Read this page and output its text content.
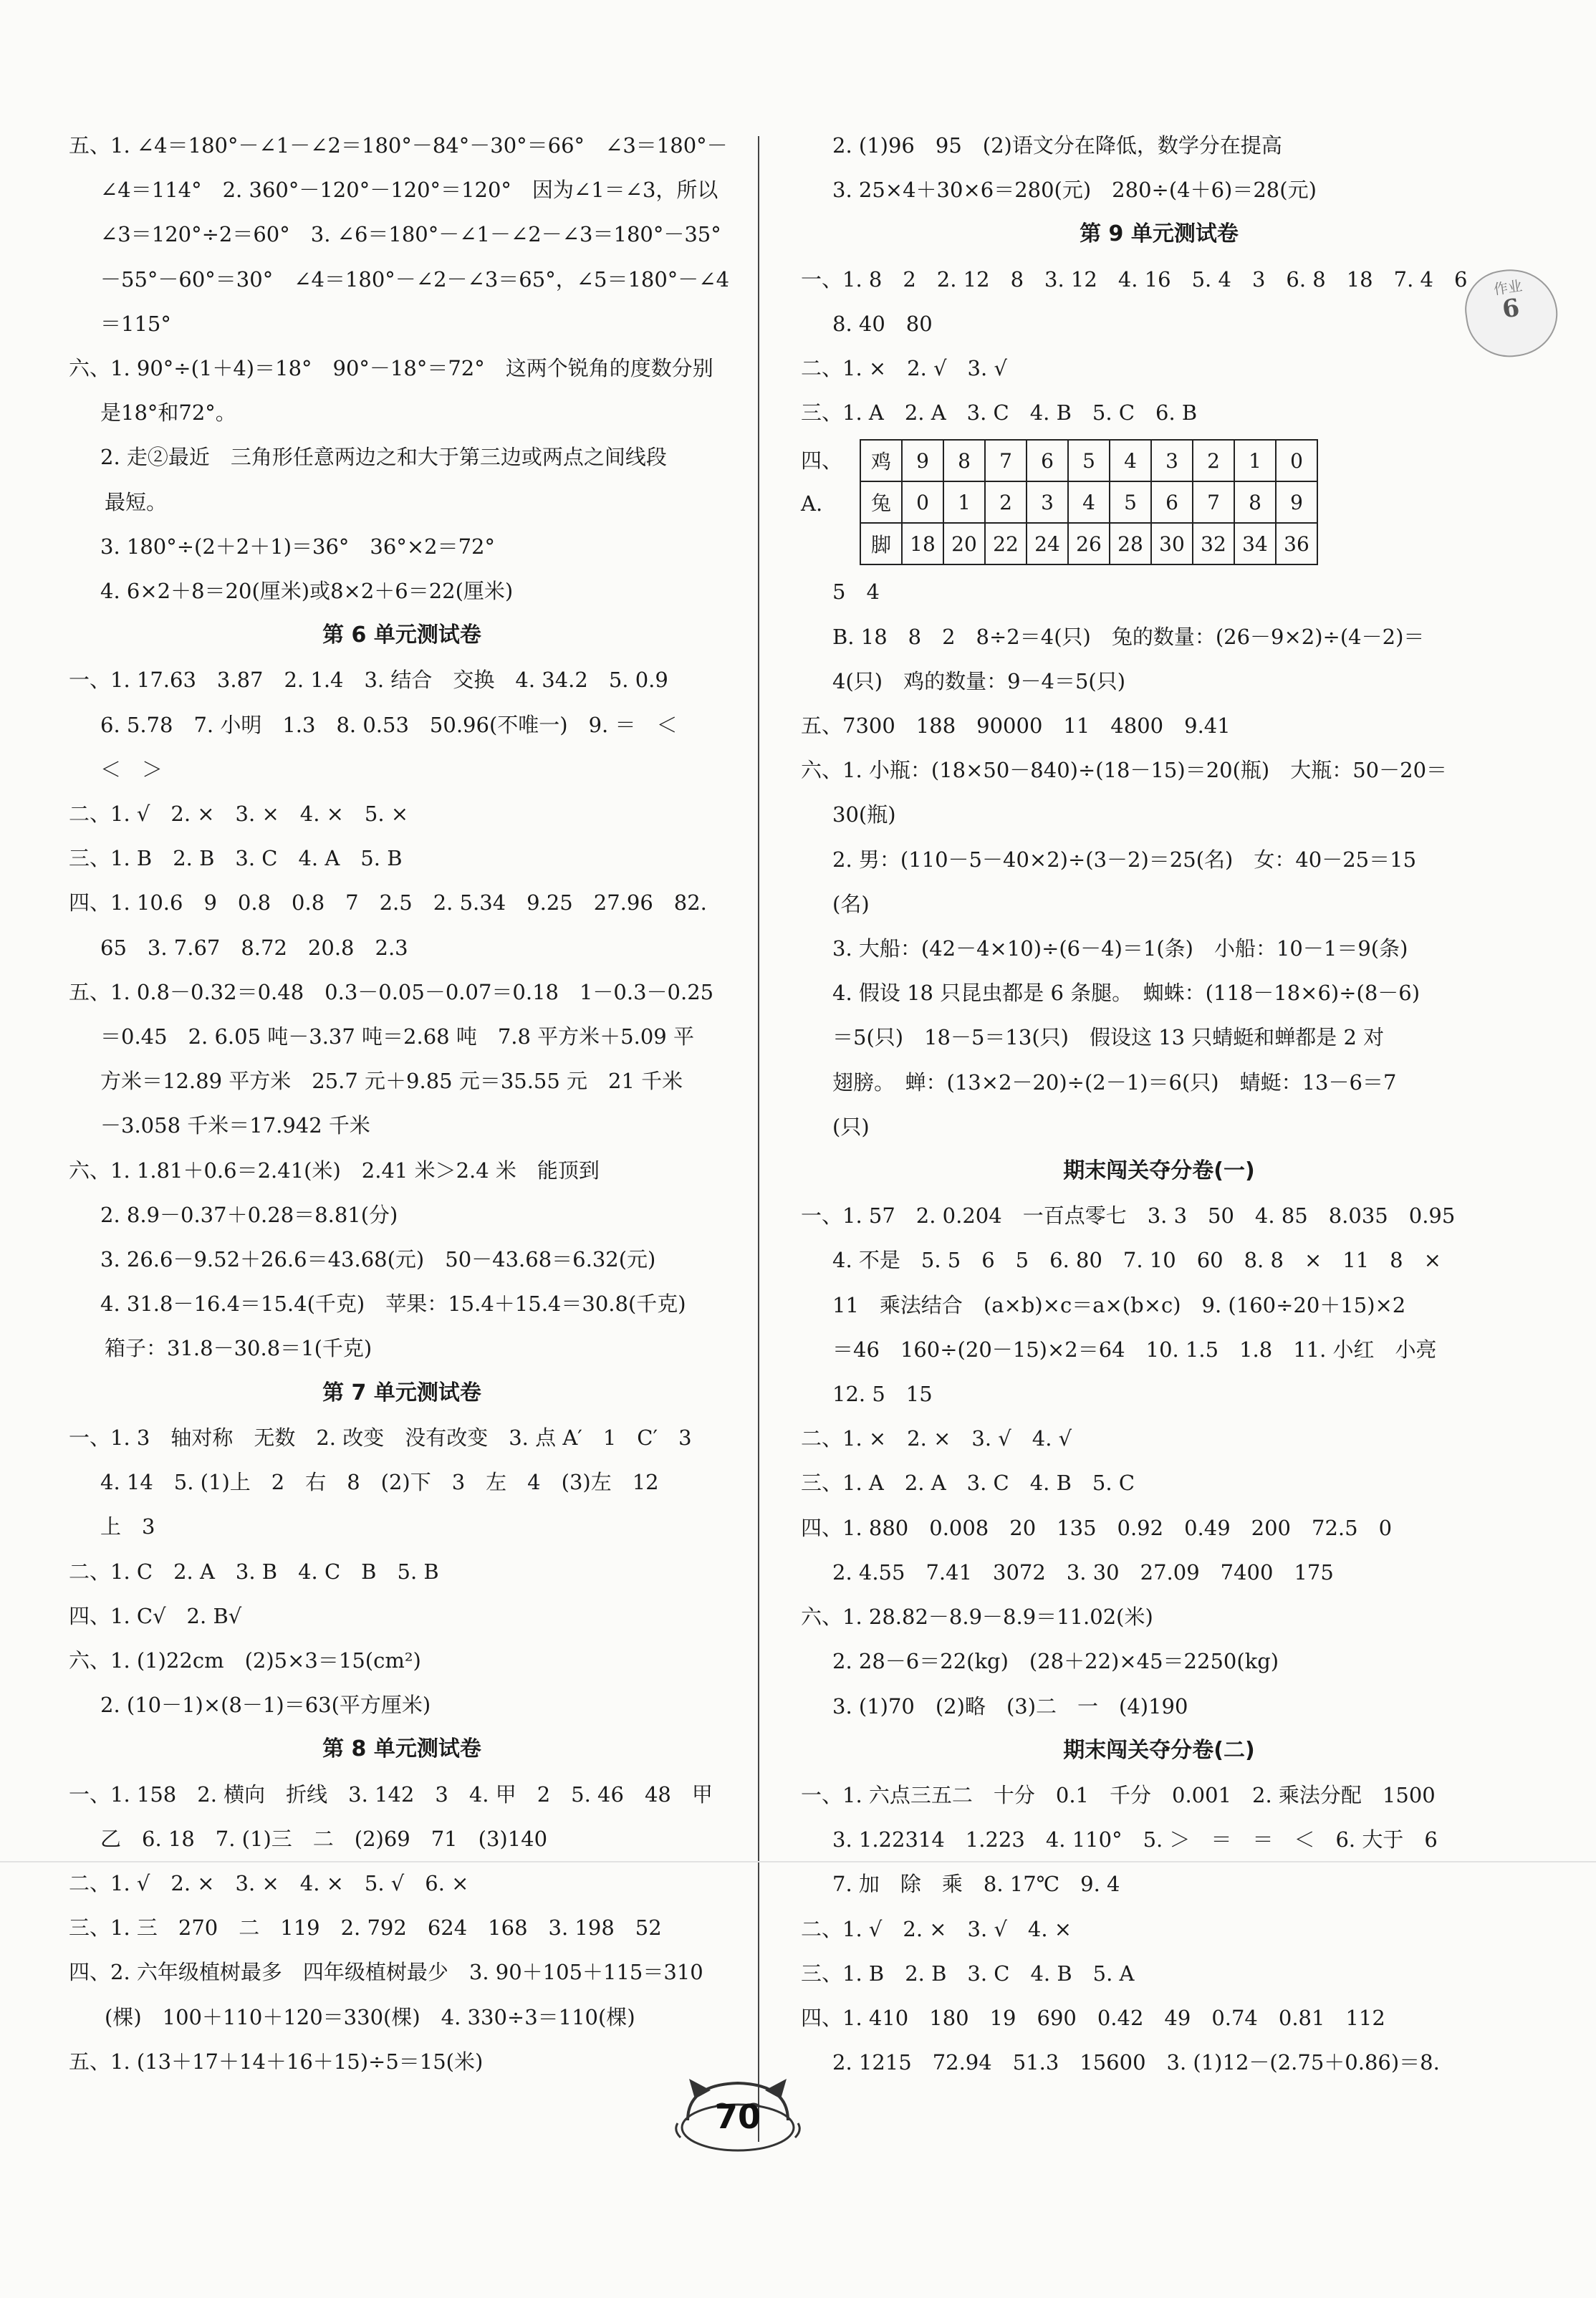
五、1. ∠4＝180°－∠1－∠2＝180°－84°－30°＝66°　∠3＝180°－
∠4＝114°　2. 360°－120°－120°＝120°　因为∠1＝∠3，所以
∠3＝120°÷2＝60°　3. ∠6＝180°－∠1－∠2－∠3＝180°－35°
－55°－60°＝30°　∠4＝180°－∠2－∠3＝65°，∠5＝180°－∠4
＝115°
六、1. 90°÷(1＋4)＝18°　90°－18°＝72°　这两个锐角的度数分别
是18°和72°。
2. 走②最近　三角形任意两边之和大于第三边或两点之间线段
最短。
3. 180°÷(2＋2＋1)＝36°　36°×2＝72°
4. 6×2＋8＝20(厘米)或8×2＋6＝22(厘米)
第 6 单元测试卷
一、1. 17.63　3.87　2. 1.4　3. 结合　交换　4. 34.2　5. 0.9
6. 5.78　7. 小明　1.3　8. 0.53　50.96(不唯一)　9. ＝　＜
＜　＞
二、1. √　2. ×　3. ×　4. ×　5. ×
三、1. B　2. B　3. C　4. A　5. B
四、1. 10.6　9　0.8　0.8　7　2.5　2. 5.34　9.25　27.96　82.
65　3. 7.67　8.72　20.8　2.3
五、1. 0.8－0.32＝0.48　0.3－0.05－0.07＝0.18　1－0.3－0.25
＝0.45　2. 6.05 吨－3.37 吨＝2.68 吨　7.8 平方米＋5.09 平
方米＝12.89 平方米　25.7 元＋9.85 元＝35.55 元　21 千米
－3.058 千米＝17.942 千米
六、1. 1.81＋0.6＝2.41(米)　2.41 米＞2.4 米　能顶到
2. 8.9－0.37＋0.28＝8.81(分)
3. 26.6－9.52＋26.6＝43.68(元)　50－43.68＝6.32(元)
4. 31.8－16.4＝15.4(千克)　苹果：15.4＋15.4＝30.8(千克)
箱子：31.8－30.8＝1(千克)
第 7 单元测试卷
一、1. 3　轴对称　无数　2. 改变　没有改变　3. 点 A′　1　C′　3
4. 14　5. (1)上　2　右　8　(2)下　3　左　4　(3)左　12
上　3
二、1. C　2. A　3. B　4. C　B　5. B
四、1. C√　2. B√
六、1. (1)22cm　(2)5×3＝15(cm²)
2. (10－1)×(8－1)＝63(平方厘米)
第 8 单元测试卷
一、1. 158　2. 横向　折线　3. 142　3　4. 甲　2　5. 46　48　甲
乙　6. 18　7. (1)三　二　(2)69　71　(3)140
二、1. √　2. ×　3. ×　4. ×　5. √　6. ×
三、1. 三　270　二　119　2. 792　624　168　3. 198　52
四、2. 六年级植树最多　四年级植树最少　3. 90＋105＋115＝310
(棵)　100＋110＋120＝330(棵)　4. 330÷3＝110(棵)
五、1. (13＋17＋14＋16＋15)÷5＝15(米)
2. (1)96　95　(2)语文分在降低，数学分在提高
3. 25×4＋30×6＝280(元)　280÷(4＋6)＝28(元)
第 9 单元测试卷
一、1. 8　2　2. 12　8　3. 12　4. 16　5. 4　3　6. 8　18　7. 4　6
8. 40　80
二、1. ×　2. √　3. √
三、1. A　2. A　3. C　4. B　5. C　6. B
四、A.
鸡	9	8	7	6	5	4	3	2	1	0
兔	0	1	2	3	4	5	6	7	8	9
脚	18	20	22	24	26	28	30	32	34	36
5　4
B. 18　8　2　8÷2＝4(只)　兔的数量：(26－9×2)÷(4－2)＝
4(只)　鸡的数量：9－4＝5(只)
五、7300　188　90000　11　4800　9.41
六、1. 小瓶：(18×50－840)÷(18－15)＝20(瓶)　大瓶：50－20＝
30(瓶)
2. 男：(110－5－40×2)÷(3－2)＝25(名)　女：40－25＝15
(名)
3. 大船：(42－4×10)÷(6－4)＝1(条)　小船：10－1＝9(条)
4. 假设 18 只昆虫都是 6 条腿。　蜘蛛：(118－18×6)÷(8－6)
＝5(只)　18－5＝13(只)　假设这 13 只蜻蜓和蝉都是 2 对
翅膀。　蝉：(13×2－20)÷(2－1)＝6(只)　蜻蜓：13－6＝7
(只)
期末闯关夺分卷(一)
一、1. 57　2. 0.204　一百点零七　3. 3　50　4. 85　8.035　0.95
4. 不是　5. 5　6　5　6. 80　7. 10　60　8. 8　×　11　8　×
11　乘法结合　(a×b)×c＝a×(b×c)　9. (160÷20＋15)×2
＝46　160÷(20－15)×2＝64　10. 1.5　1.8　11. 小红　小亮
12. 5　15
二、1. ×　2. ×　3. √　4. √
三、1. A　2. A　3. C　4. B　5. C
四、1. 880　0.008　20　135　0.92　0.49　200　72.5　0
2. 4.55　7.41　3072　3. 30　27.09　7400　175
六、1. 28.82－8.9－8.9＝11.02(米)
2. 28－6＝22(kg)　(28＋22)×45＝2250(kg)
3. (1)70　(2)略　(3)二　一　(4)190
期末闯关夺分卷(二)
一、1. 六点三五二　十分　0.1　千分　0.001　2. 乘法分配　1500
3. 1.22314　1.223　4. 110°　5. ＞　＝　＝　＜　6. 大于　6
7. 加　除　乘　8. 17℃　9. 4
二、1. √　2. ×　3. √　4. ×
三、1. B　2. B　3. C　4. B　5. A
四、1. 410　180　19　690　0.42　49　0.74　0.81　112
2. 1215　72.94　51.3　15600　3. (1)12－(2.75＋0.86)＝8.
作业
6
70
